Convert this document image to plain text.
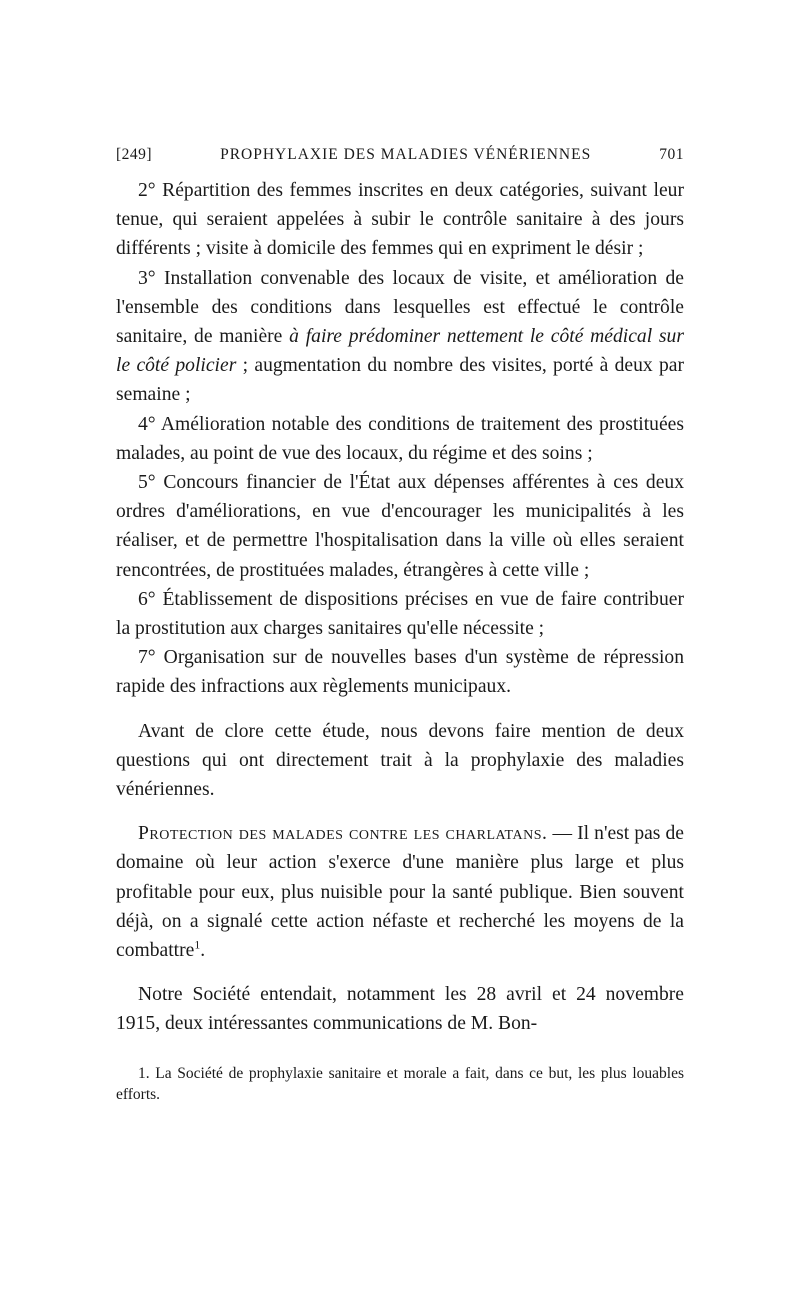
[249]	PROPHYLAXIE DES MALADIES VÉNÉRIENNES	701

2° Répartition des femmes inscrites en deux catégories, suivant leur tenue, qui seraient appelées à subir le contrôle sanitaire à des jours différents ; visite à domicile des femmes qui en expriment le désir ;

3° Installation convenable des locaux de visite, et amélioration de l'ensemble des conditions dans lesquelles est effectué le contrôle sanitaire, de manière à faire prédominer nettement le côté médical sur le côté policier ; augmentation du nombre des visites, porté à deux par semaine ;

4° Amélioration notable des conditions de traitement des prostituées malades, au point de vue des locaux, du régime et des soins ;

5° Concours financier de l'État aux dépenses afférentes à ces deux ordres d'améliorations, en vue d'encourager les municipalités à les réaliser, et de permettre l'hospitalisation dans la ville où elles seraient rencontrées, de prostituées malades, étrangères à cette ville ;

6° Établissement de dispositions précises en vue de faire contribuer la prostitution aux charges sanitaires qu'elle nécessite ;

7° Organisation sur de nouvelles bases d'un système de répression rapide des infractions aux règlements municipaux.

Avant de clore cette étude, nous devons faire mention de deux questions qui ont directement trait à la prophylaxie des maladies vénériennes.

Protection des malades contre les charlatans. — Il n'est pas de domaine où leur action s'exerce d'une manière plus large et plus profitable pour eux, plus nuisible pour la santé publique. Bien souvent déjà, on a signalé cette action néfaste et recherché les moyens de la combattre$^1$.

Notre Société entendait, notamment les 28 avril et 24 novembre 1915, deux intéressantes communications de M. Bon-

1. La Société de prophylaxie sanitaire et morale a fait, dans ce but, les plus louables efforts.
